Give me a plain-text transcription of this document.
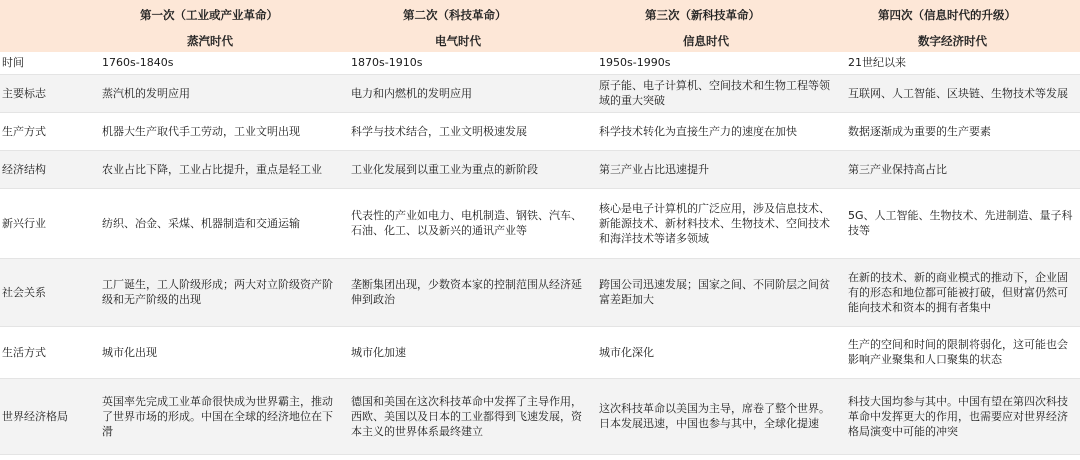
	第一次（工业或产业革命）	第二次（科技革命）	第三次（新科技革命）	第四次（信息时代的升级）
	蒸汽时代	电气时代	信息时代	数字经济时代
时间	1760s-1840s	1870s-1910s	1950s-1990s	21世纪以来
主要标志	蒸汽机的发明应用	电力和内燃机的发明应用	原子能、电子计算机、空间技术和生物工程等领域的重大突破	互联网、人工智能、区块链、生物技术等发展
生产方式	机器大生产取代手工劳动，工业文明出现	科学与技术结合，工业文明极速发展	科学技术转化为直接生产力的速度在加快	数据逐渐成为重要的生产要素
经济结构	农业占比下降，工业占比提升，重点是轻工业	工业化发展到以重工业为重点的新阶段	第三产业占比迅速提升	第三产业保持高占比
新兴行业	纺织、冶金、采煤、机器制造和交通运输	代表性的产业如电力、电机制造、钢铁、汽车、石油、化工、以及新兴的通讯产业等	核心是电子计算机的广泛应用，涉及信息技术、新能源技术、新材料技术、生物技术、空间技术和海洋技术等诸多领域	5G、人工智能、生物技术、先进制造、量子科技等
社会关系	工厂诞生，工人阶级形成；两大对立阶级资产阶级和无产阶级的出现	垄断集团出现，少数资本家的控制范围从经济延伸到政治	跨国公司迅速发展；国家之间、不同阶层之间贫富差距加大	在新的技术、新的商业模式的推动下，企业固有的形态和地位都可能被打破，但财富仍然可能向技术和资本的拥有者集中
生活方式	城市化出现	城市化加速	城市化深化	生产的空间和时间的限制将弱化，这可能也会影响产业聚集和人口聚集的状态
世界经济格局	英国率先完成工业革命很快成为世界霸主，推动了世界市场的形成。中国在全球的经济地位在下滑	德国和美国在这次科技革命中发挥了主导作用，西欧、美国以及日本的工业都得到飞速发展，资本主义的世界体系最终建立	这次科技革命以美国为主导，席卷了整个世界。日本发展迅速，中国也参与其中，全球化提速	科技大国均参与其中。中国有望在第四次科技革命中发挥更大的作用，也需要应对世界经济格局演变中可能的冲突
